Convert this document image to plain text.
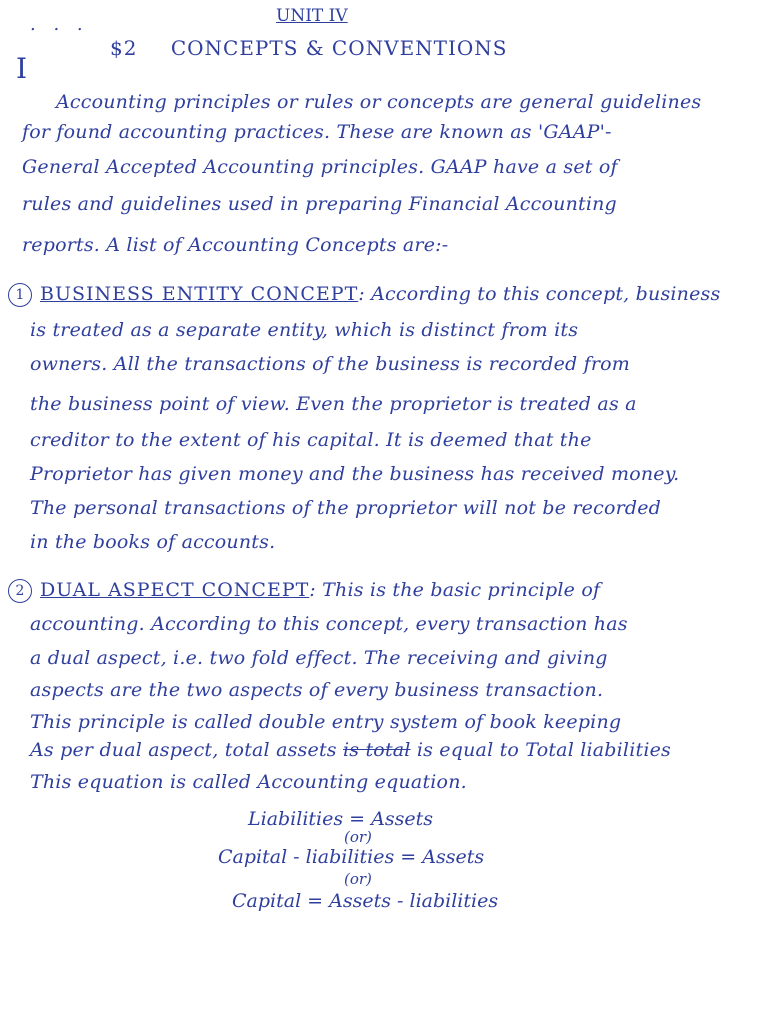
. . .	UNIT IV
I
$2 CONCEPTS & CONVENTIONS
Accounting principles or rules or concepts are general guidelines
for found accounting practices. These are known as 'GAAP'-
General Accepted Accounting principles. GAAP have a set of
rules and guidelines used in preparing Financial Accounting
reports. A list of Accounting Concepts are:-
1 BUSINESS ENTITY CONCEPT: According to this concept, business
is treated as a separate entity, which is distinct from its
owners. All the transactions of the business is recorded from
the business point of view. Even the proprietor is treated as a
creditor to the extent of his capital. It is deemed that the
Proprietor has given money and the business has received money.
The personal transactions of the proprietor will not be recorded
in the books of accounts.
2 DUAL ASPECT CONCEPT: This is the basic principle of
accounting. According to this concept, every transaction has
a dual aspect, i.e. two fold effect. The receiving and giving
aspects are the two aspects of every business transaction.
This principle is called double entry system of book keeping
As per dual aspect, total assets is total is equal to Total liabilities
This equation is called Accounting equation.
Liabilities = Assets
(or)
Capital - liabilities = Assets
(or)
Capital = Assets - liabilities
